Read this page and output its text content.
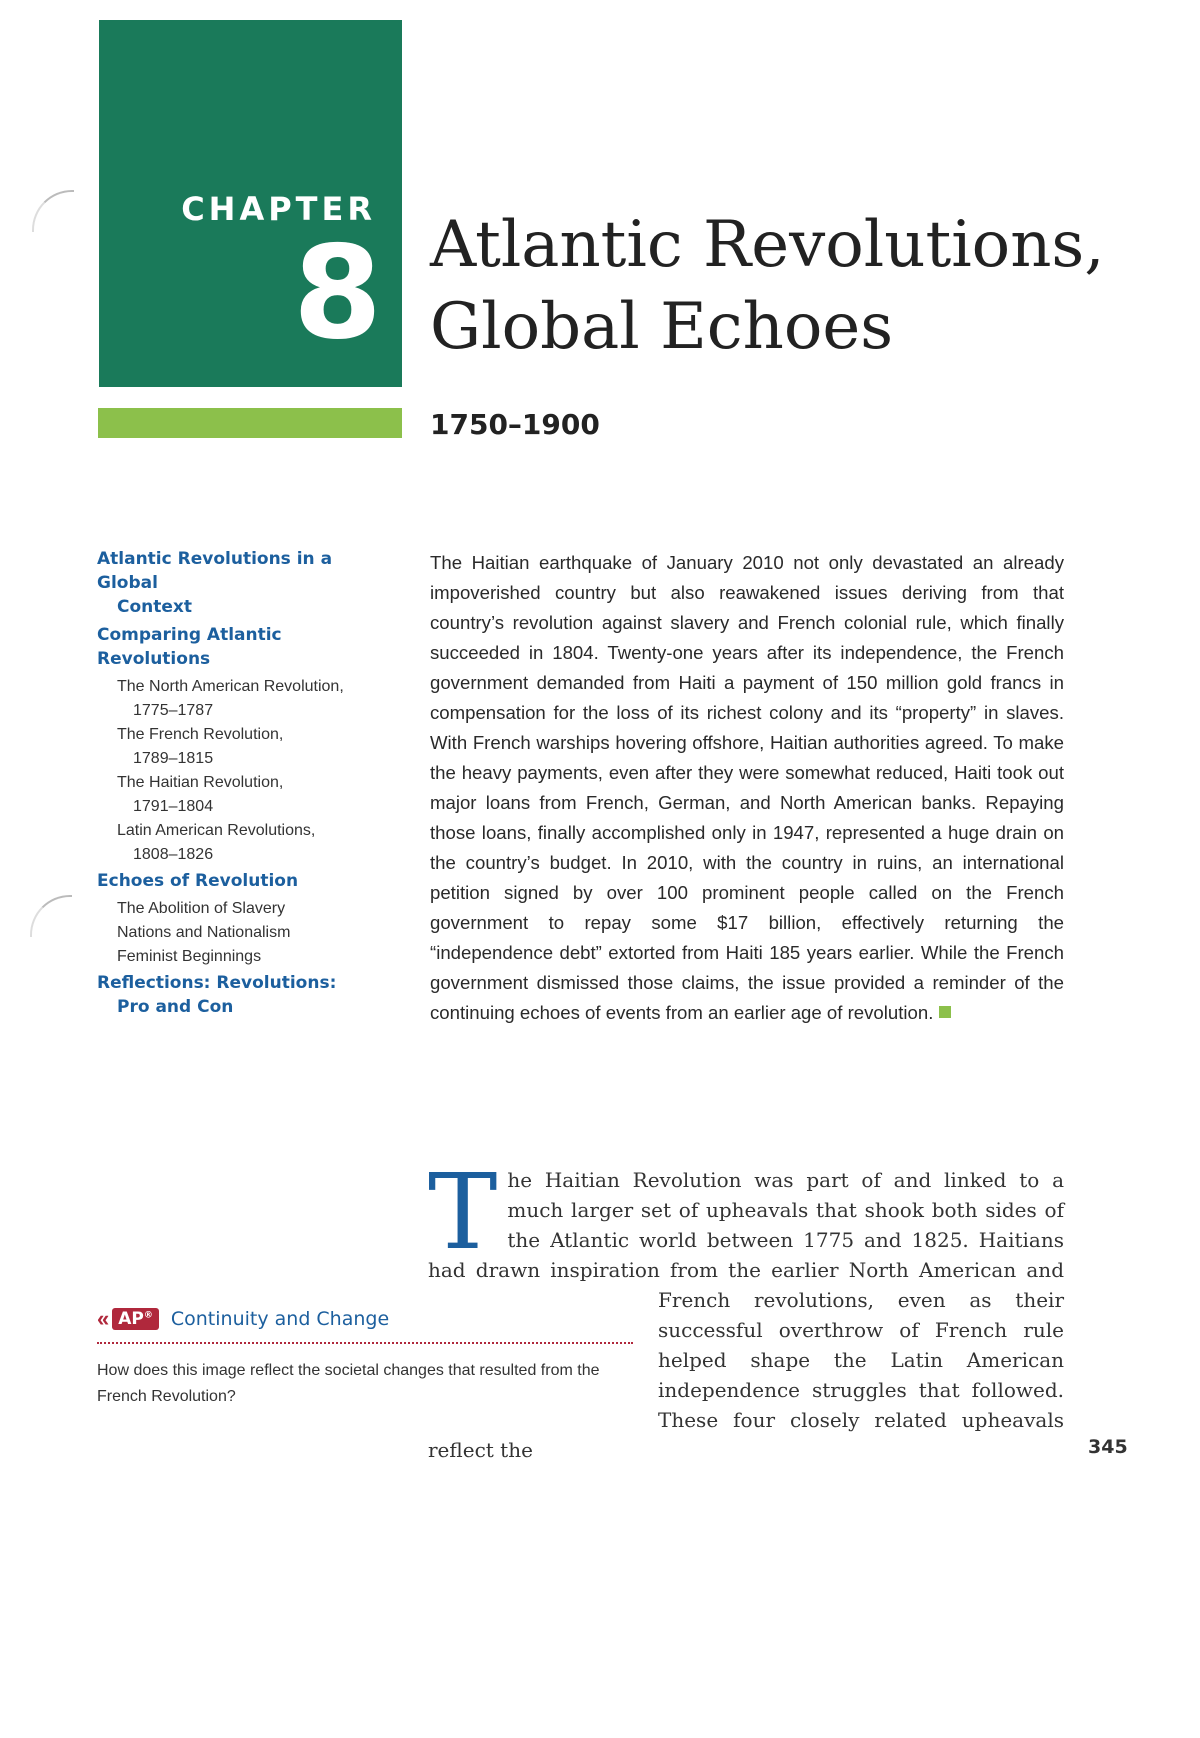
CHAPTER
8 Atlantic Revolutions,
Global Echoes
1750–1900
Atlantic Revolutions in a Global
Context
Comparing Atlantic Revolutions
The North American Revolution,
1775–1787
The French Revolution,
1789–1815
The Haitian Revolution,
1791–1804
Latin American Revolutions,
1808–1826
Echoes of Revolution
The Abolition of Slavery
Nations and Nationalism
Feminist Beginnings
Reflections: Revolutions:
Pro and Con
The Haitian earthquake of January 2010 not only devastated an already impoverished country but also reawakened issues deriving from that country’s revolution against slavery and French colonial rule, which finally succeeded in 1804. Twenty-one years after its independence, the French government demanded from Haiti a payment of 150 million gold francs in compensation for the loss of its richest colony and its “property” in slaves. With French warships hovering offshore, Haitian authorities agreed. To make the heavy payments, even after they were somewhat reduced, Haiti took out major loans from French, German, and North American banks. Repaying those loans, finally accomplished only in 1947, represented a huge drain on the country’s budget. In 2010, with the country in ruins, an international petition signed by over 100 prominent people called on the French government to repay some $17 billion, effectively returning the “independence debt” extorted from Haiti 185 years earlier. While the French government dismissed those claims, the issue provided a reminder of the continuing echoes of events from an earlier age of revolution.
The Haitian Revolution was part of and linked to a much larger set of upheavals that shook both sides of the Atlantic world between 1775 and 1825. Haitians had drawn inspiration from the earlier North American and French revolutions, even as their successful overthrow of French rule helped shape the Latin American independence struggles that followed. These four closely related upheavals reflect the
« AP® Continuity and Change
How does this image reflect the societal changes that resulted from the French Revolution?
345
